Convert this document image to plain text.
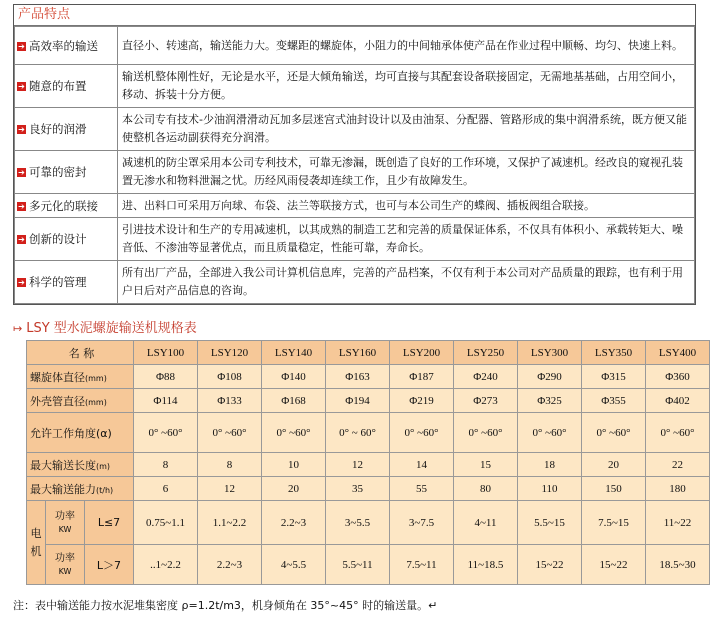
产品特点
➔ 高效率的输送	直径小、转速高，输送能力大。变螺距的螺旋体，小阻力的中间轴承体使产品在作业过程中顺畅、均匀、快速上料。
➔ 随意的布置	输送机整体刚性好，无论是水平，还是大倾角输送，均可直接与其配套设备联接固定，无需地基基础，占用空间小，移动、拆装十分方便。
➔ 良好的润滑	本公司专有技术-少油润滑滑动瓦加多层迷宫式油封设计以及由油泵、分配器、管路形成的集中润滑系统，既方便又能使整机各运动副获得充分润滑。
➔ 可靠的密封	减速机的防尘罩采用本公司专利技术，可靠无渗漏，既创造了良好的工作环境，又保护了减速机。经改良的窥视孔装置无渗水和物料泄漏之忧。历经风雨侵袭却连续工作，且少有故障发生。
➔ 多元化的联接	进、出料口可采用万向球、布袋、法兰等联接方式，也可与本公司生产的蝶阀、插板阀组合联接。
➔ 创新的设计	引进技术设计和生产的专用减速机，以其成熟的制造工艺和完善的质量保证体系，不仅具有体积小、承载转矩大、噪音低、不渗油等显著优点，而且质量稳定，性能可靠，寿命长。
➔ 科学的管理	所有出厂产品，全部进入我公司计算机信息库，完善的产品档案，不仅有利于本公司对产品质量的跟踪，也有利于用户日后对产品信息的咨询。
↦ LSY 型水泥螺旋输送机规格表
名 称			LSY100	LSY120	LSY140	LSY160	LSY200	LSY250	LSY300	LSY350	LSY400
螺旋体直径(mm)			Φ88	Φ108	Φ140	Φ163	Φ187	Φ240	Φ290	Φ315	Φ360
外壳管直径(mm)			Φ114	Φ133	Φ168	Φ194	Φ219	Φ273	Φ325	Φ355	Φ402
允许工作角度(α)			0° ~60°	0° ~60°	0° ~60°	0° ~ 60°	0° ~60°	0° ~60°	0° ~60°	0° ~60°	0° ~60°
最大输送长度(m)			8	8	10	12	14	15	18	20	22
最大输送能力(t/h)			6	12	20	35	55	80	110	150	180
电机	功率
KW	L≤7	0.75~1.1	1.1~2.2	2.2~3	3~5.5	3~7.5	4~11	5.5~15	7.5~15	11~22
	功率
KW	L＞7	..1~2.2	2.2~3	4~5.5	5.5~11	7.5~11	11~18.5	15~22	15~22	18.5~30
注：表中输送能力按水泥堆集密度 ρ=1.2t/m3，机身倾角在 35°~45° 时的输送量。↵
